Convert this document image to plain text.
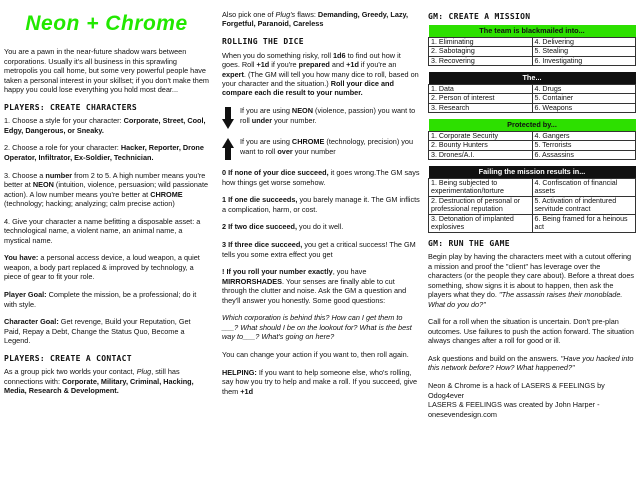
Neon + Chrome

You are a pawn in the near-future shadow wars between corporations. Usually it's all business in this sprawling metropolis you call home, but some very powerful people have taken a personal interest in your skillset; if you don't make them happy you could lose everything you hold most dear...

PLAYERS: CREATE CHARACTERS

1. Choose a style for your character: Corporate, Street, Cool, Edgy, Dangerous, or Sneaky.

2. Choose a role for your character: Hacker, Reporter, Drone Operator, Infiltrator, Ex-Soldier, Technician.

3. Choose a number from 2 to 5. A high number means you're better at NEON (intuition, violence, persuasion; wild passionate action). A low number means you're better at CHROME (technology; hacking; analyzing; calm precise action)

4. Give your character a name befitting a disposable asset: a technological name, a violent name, an animal name, a mystical name.

You have: a personal access device, a loud weapon, a quiet weapon, a body part replaced & improved by technology, a piece of gear to fit your role.

Player Goal: Complete the mission, be a professional; do it with style.

Character Goal: Get revenge, Build your Reputation, Get Paid, Repay a Debt, Change the Status Quo, Become a Legend.

PLAYERS: CREATE A CONTACT

As a group pick two worlds your contact, Plug, still has connections with: Corporate, Military, Criminal, Hacking, Media, Research & Development.

Also pick one of Plug's flaws: Demanding, Greedy, Lazy, Forgetful, Paranoid, Careless

ROLLING THE DICE

When you do something risky, roll 1d6 to find out how it goes. Roll +1d if you're prepared and +1d if you're an expert. (The GM will tell you how many dice to roll, based on your character and the situation.) Roll your dice and compare each die result to your number.

If you are using NEON (violence, passion) you want to roll under your number.
If you are using CHROME (technology, precision) you want to roll over your number

0 If none of your dice succeed, it goes wrong.The GM says how things get worse somehow.

1 If one die succeeds, you barely manage it. The GM inflicts a complication, harm, or cost.

2 If two dice succeed, you do it well.

3 If three dice succeed, you get a critical success! The GM tells you some extra effect you get

! If you roll your number exactly, you have MIRRORSHADES. Your senses are finally able to cut through the clutter and noise. Ask the GM a question and they'll answer you honestly. Some good questions:

Which corporation is behind this? How can I get them to ___? What should I be on the lookout for? What is the best way to___? What's going on here?

You can change your action if you want to, then roll again.

HELPING: If you want to help someone else, who's rolling, say how you try to help and make a roll. If you succeed, give them +1d

GM: CREATE A MISSION
The team is blackmailed into...	
1. Eliminating	4. Delivering
2. Sabotaging	5. Stealing
3. Recovering	6. Investigating
The...	
1. Data	4. Drugs
2. Person of interest	5. Container
3. Research	6. Weapons
Protected by...	
1. Corporate Security	4. Gangers
2. Bounty Hunters	5. Terrorists
3. Drones/A.I.	6. Assassins
Failing the mission results in...	
1. Being subjected to experimentation/torture	4. Confiscation of financial assets
2. Destruction of personal or professional reputation	5. Activation of indentured servitude contract
3. Detonation of implanted explosives	6. Being framed for a heinous act
GM: RUN THE GAME

Begin play by having the characters meet with a cutout offering a mission and proof the "client" has leverage over the characters (or the people they care about). Before a threat does something, show signs it is about to happen, then ask the players what they do. "The assassin raises their monoblade. What do you do?"

Call for a roll when the situation is uncertain. Don't pre-plan outcomes. Use failures to push the action forward. The situation always changes after a roll for good or ill.

Ask questions and build on the answers. "Have you hacked into this network before? How? What happened?"

Neon & Chrome is a hack of LASERS & FEELINGS by Odog4ever
LASERS & FEELINGS was created by John Harper - onesevendesign.com
